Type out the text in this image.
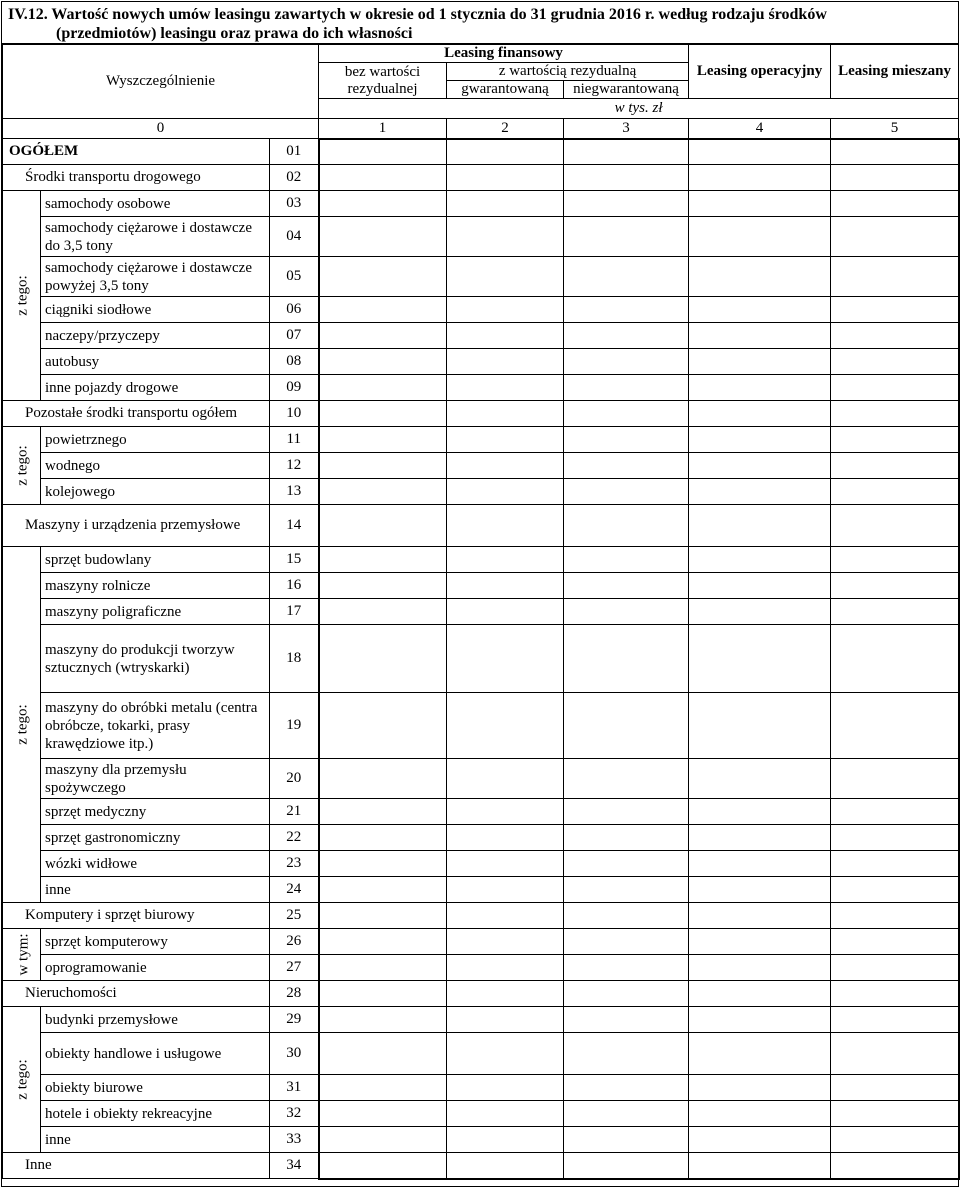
IV.12. Wartość nowych umów leasingu zawartych w okresie od 1 stycznia do 31 grudnia 2016 r. według rodzaju środków
(przedmiotów) leasingu oraz prawa do ich własności
Wyszczególnienie			Leasing finansowy			Leasing operacyjny	Leasing mieszany
			bez wartości rezydualnej	z wartością rezydualną			
				gwarantowaną	niegwarantowaną		
			w tys. zł				
0			1	2	3	4	5
OGÓŁEM		01					
Środki transportu drogowego		02					
z tego:	samochody osobowe	03					
	samochody ciężarowe i dostawcze do 3,5 tony	04					
	samochody ciężarowe i dostawcze powyżej 3,5 tony	05					
	ciągniki siodłowe	06					
	naczepy/przyczepy	07					
	autobusy	08					
	inne pojazdy drogowe	09					
Pozostałe środki transportu ogółem		10					
z tego:	powietrznego	11					
	wodnego	12					
	kolejowego	13					
Maszyny i urządzenia przemysłowe		14					
z tego:	sprzęt budowlany	15					
	maszyny rolnicze	16					
	maszyny poligraficzne	17					
	maszyny do produkcji tworzyw sztucznych (wtryskarki)	18					
	maszyny do obróbki metalu (centra obróbcze, tokarki, prasy krawędziowe itp.)	19					
	maszyny dla przemysłu spożywczego	20					
	sprzęt medyczny	21					
	sprzęt gastronomiczny	22					
	wózki widłowe	23					
	inne	24					
Komputery i sprzęt biurowy		25					
w tym:	sprzęt komputerowy	26					
	oprogramowanie	27					
Nieruchomości		28					
z tego:	budynki przemysłowe	29					
	obiekty handlowe i usługowe	30					
	obiekty biurowe	31					
	hotele i obiekty rekreacyjne	32					
	inne	33					
Inne		34					
